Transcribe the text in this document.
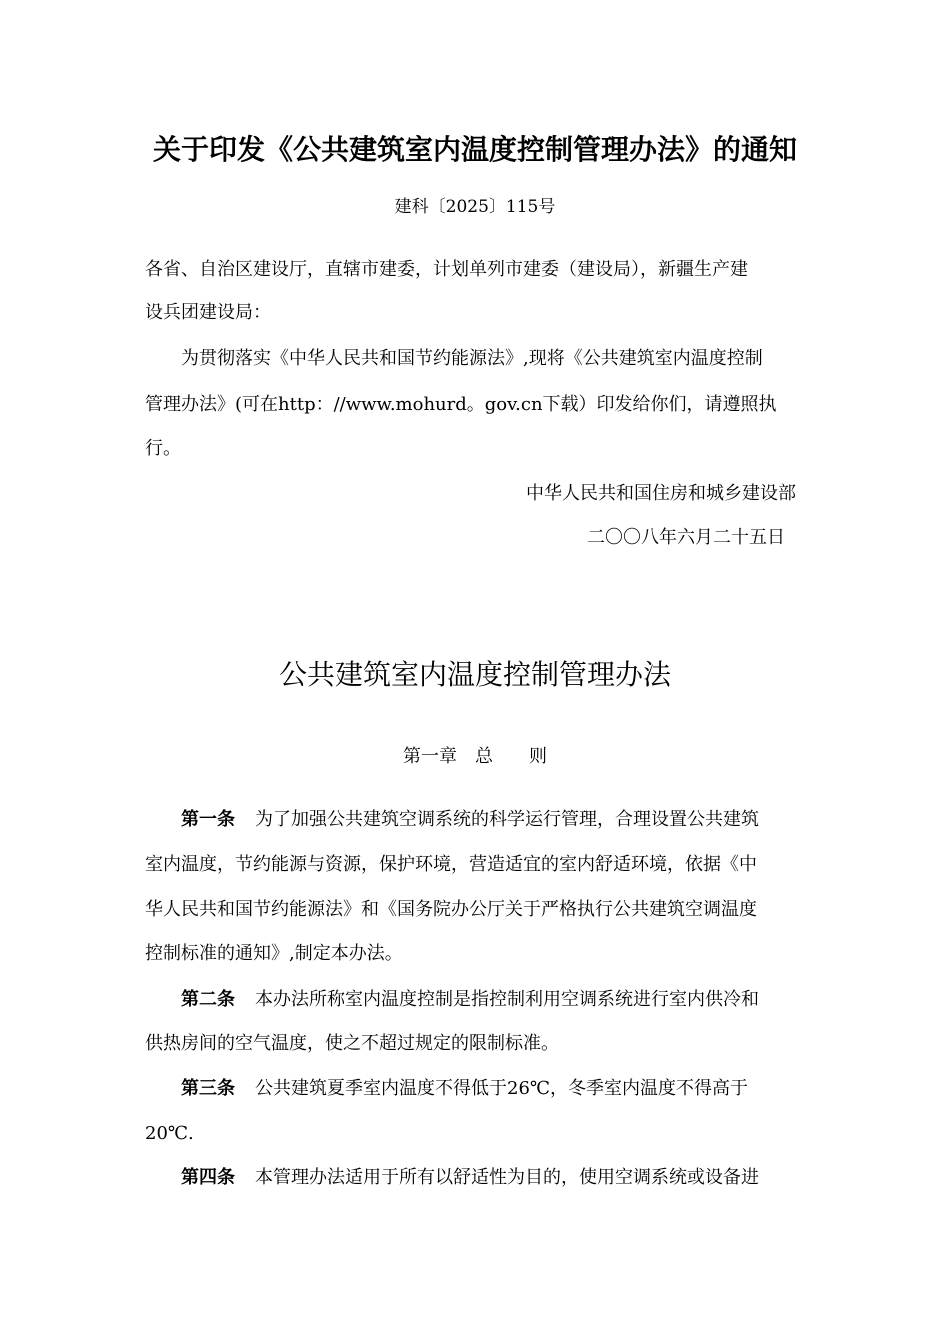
关于印发《公共建筑室内温度控制管理办法》的通知
建科〔2025〕115号
各省、自治区建设厅，直辖市建委，计划单列市建委（建设局），新疆生产建
设兵团建设局：
为贯彻落实《中华人民共和国节约能源法》,现将《公共建筑室内温度控制
管理办法》(可在http：//www.mohurd。gov.cn下载）印发给你们，请遵照执
行。
中华人民共和国住房和城乡建设部
二〇〇八年六月二十五日
公共建筑室内温度控制管理办法
第一章 总 则
第一条 为了加强公共建筑空调系统的科学运行管理，合理设置公共建筑
室内温度，节约能源与资源，保护环境，营造适宜的室内舒适环境，依据《中
华人民共和国节约能源法》和《国务院办公厅关于严格执行公共建筑空调温度
控制标准的通知》,制定本办法。
第二条 本办法所称室内温度控制是指控制利用空调系统进行室内供冷和
供热房间的空气温度，使之不超过规定的限制标准。
第三条 公共建筑夏季室内温度不得低于26℃，冬季室内温度不得高于
20℃.
第四条 本管理办法适用于所有以舒适性为目的，使用空调系统或设备进
